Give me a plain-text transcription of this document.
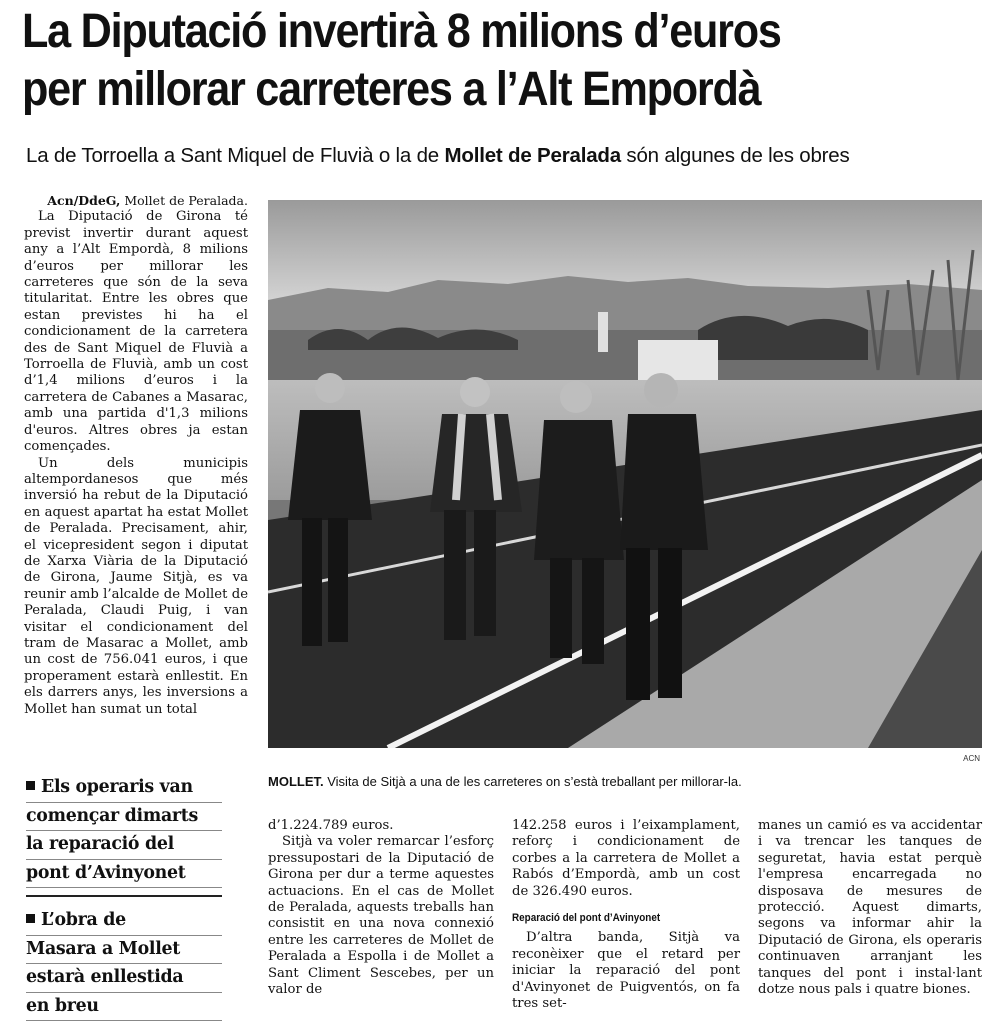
La Diputació invertirà 8 milions d’euros
per millorar carreteres a l’Alt Empordà
La de Torroella a Sant Miquel de Fluvià o la de Mollet de Peralada són algunes de les obres

Acn/DdeG, Mollet de Peralada.

La Diputació de Girona té previst invertir durant aquest any a l’Alt Empordà, 8 milions d’euros per millorar les carreteres que són de la seva titularitat. Entre les obres que estan previstes hi ha el condicionament de la carretera des de Sant Miquel de Fluvià a Torroella de Fluvià, amb un cost d’1,4 milions d’euros i la carretera de Cabanes a Masarac, amb una partida d'1,3 milions d'euros. Altres obres ja estan començades.

Un dels municipis altempordanesos que més inversió ha rebut de la Diputació en aquest apartat ha estat Mollet de Peralada. Precisament, ahir, el vicepresident segon i diputat de Xarxa Viària de la Diputació de Girona, Jaume Sitjà, es va reunir amb l’alcalde de Mollet de Peralada, Claudi Puig, i van visitar el condicionament del tram de Masarac a Mollet, amb un cost de 756.041 euros, i que properament estarà enllestit. En els darrers anys, les inversions a Mollet han sumat un total

ACN
MOLLET. Visita de Sitjà a una de les carreteres on s’està treballant per millorar-la.
Els operaris van
començar dimarts
la reparació del
pont d’Avinyonet
L’obra de
Masara a Mollet
estarà enllestida
en breu

d’1.224.789 euros.

Sitjà va voler remarcar l’esforç pressupostari de la Diputació de Girona per dur a terme aquestes actuacions. En el cas de Mollet de Peralada, aquests treballs han consistit en una nova connexió entre les carreteres de Mollet de Peralada a Espolla i de Mollet a Sant Climent Sescebes, per un valor de

142.258 euros i l’eixamplament, reforç i condicionament de corbes a la carretera de Mollet a Rabós d’Empordà, amb un cost de 326.490 euros.

Reparació del pont d’Avinyonet

D’altra banda, Sitjà va reconèixer que el retard per iniciar la reparació del pont d'Avinyonet de Puigventós, on fa tres set-

manes un camió es va accidentar i va trencar les tanques de seguretat, havia estat perquè l'empresa encarregada no disposava de mesures de protecció. Aquest dimarts, segons va informar ahir la Diputació de Girona, els operaris continuaven arranjant les tanques del pont i instal·lant dotze nous pals i quatre biones.
